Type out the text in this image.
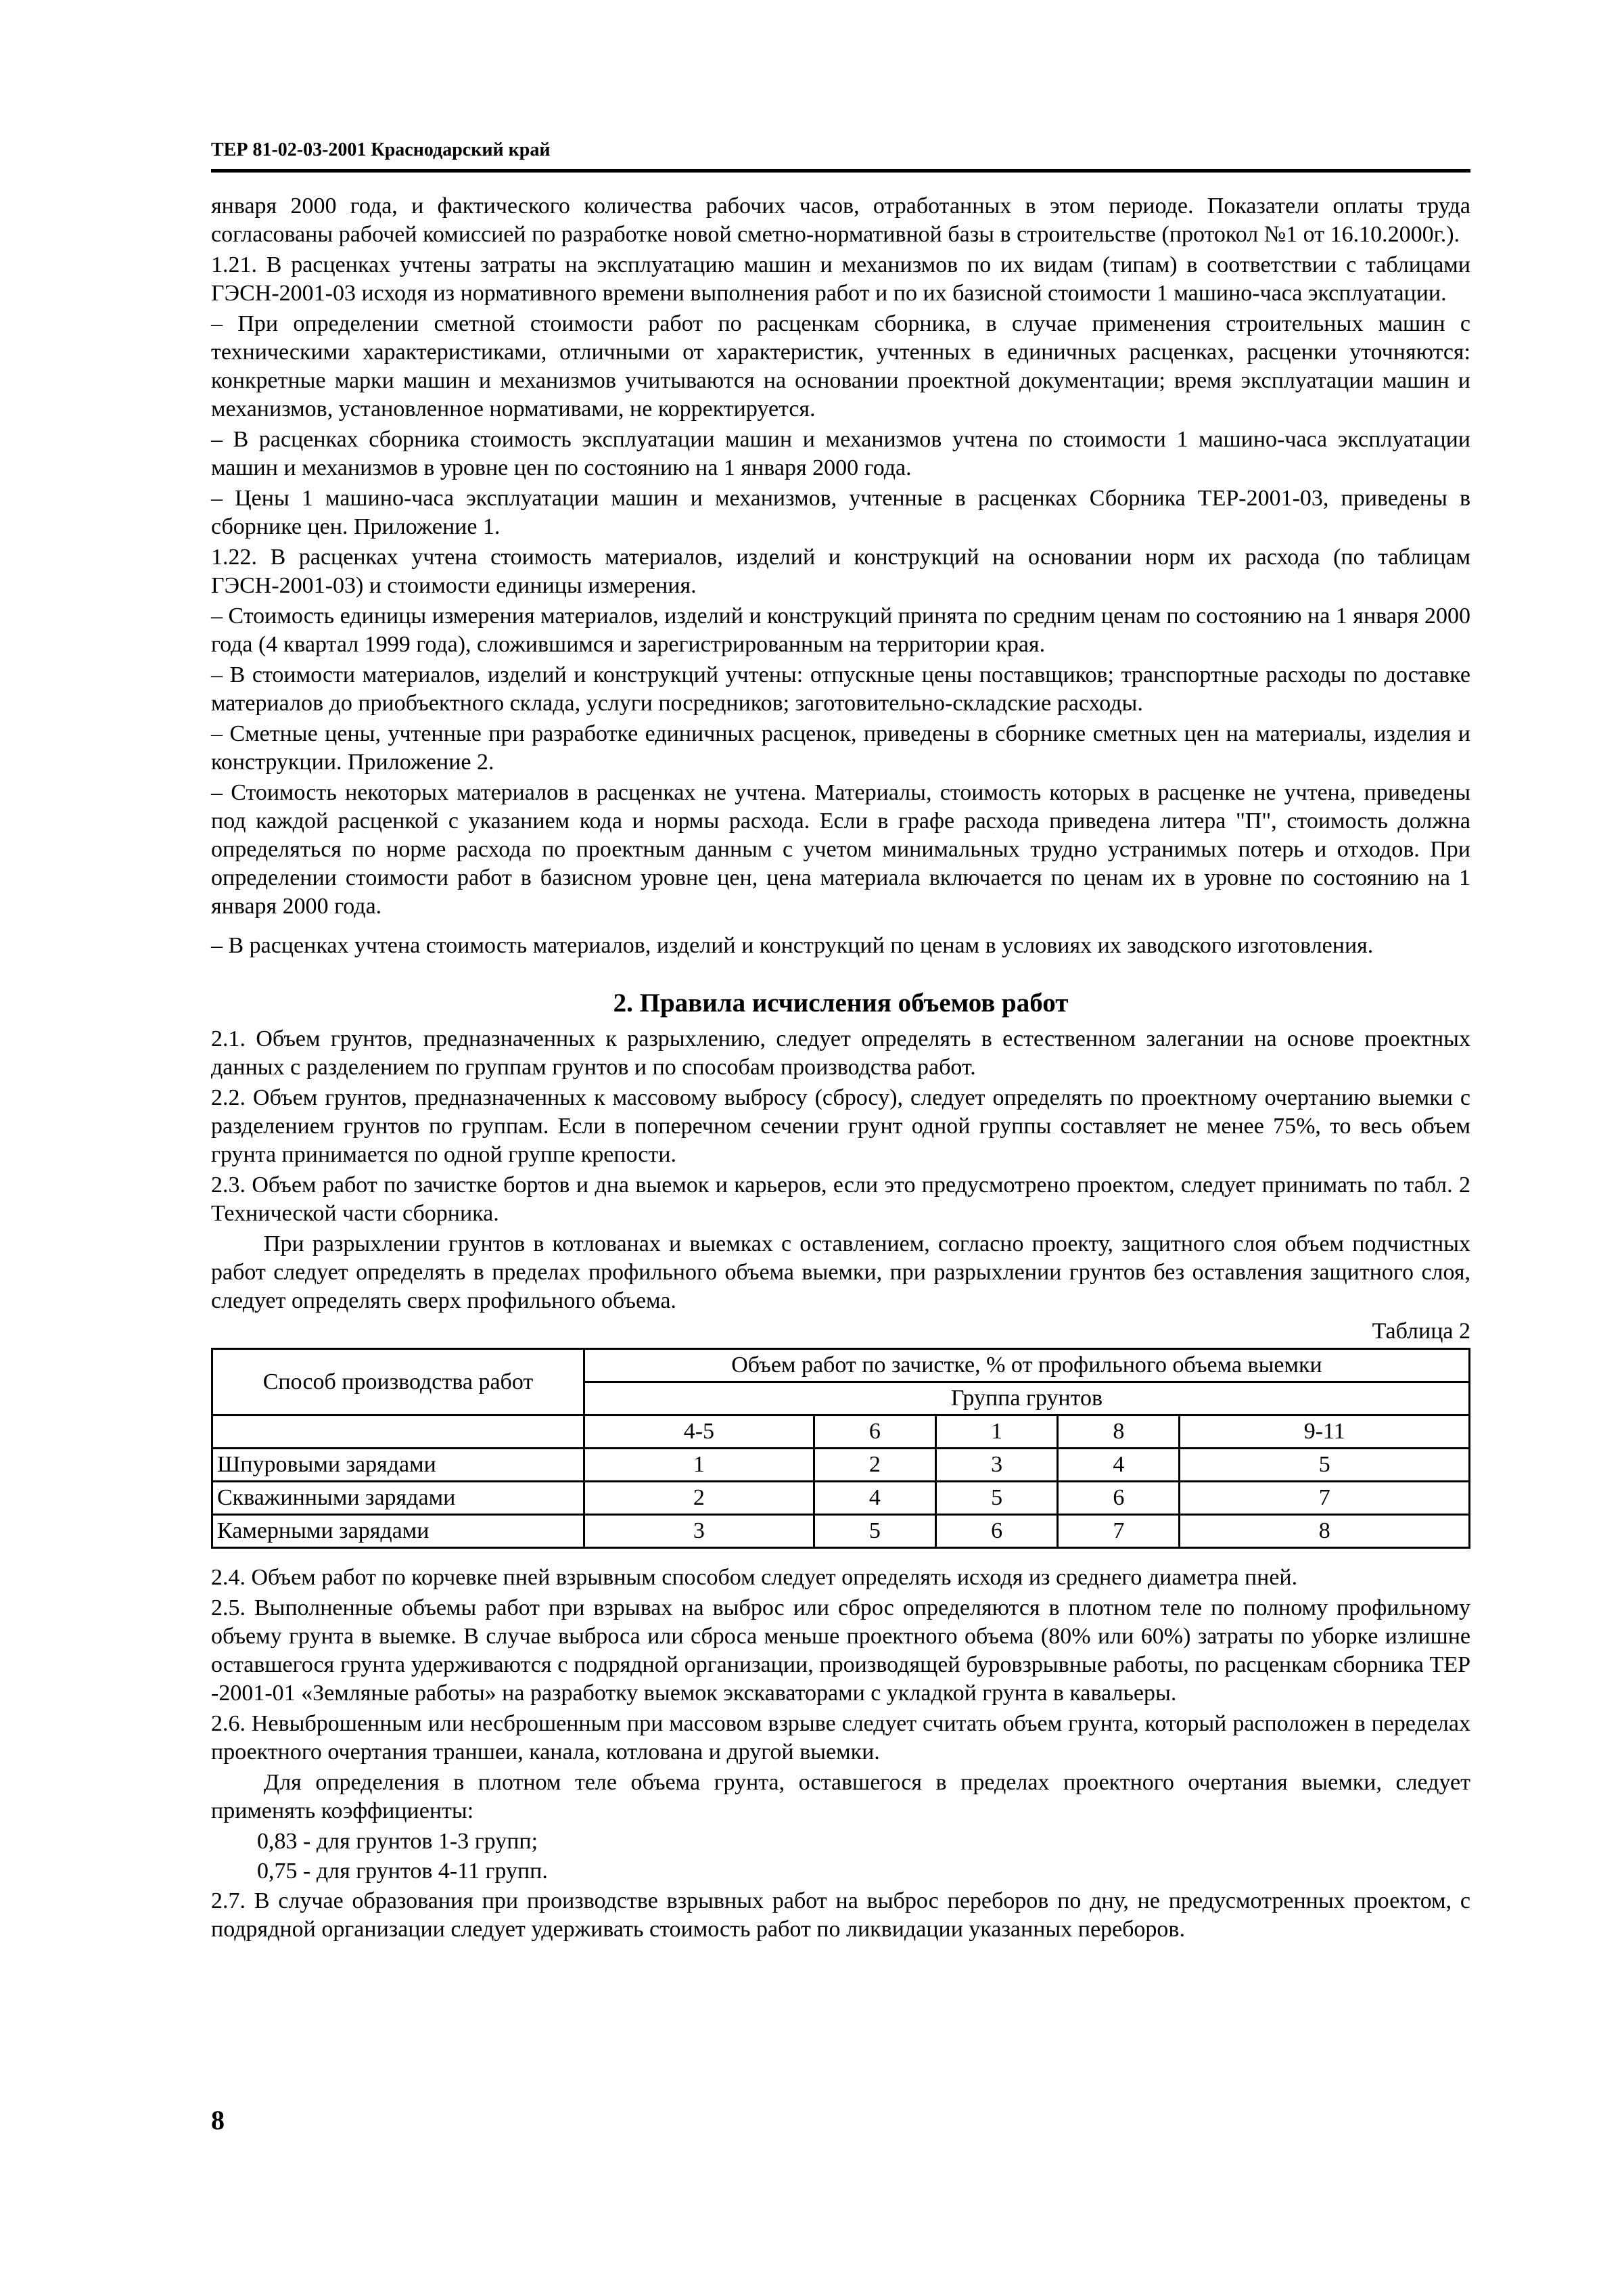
ТЕР 81-02-03-2001 Краснодарский край

января 2000 года, и фактического количества рабочих часов, отработанных в этом периоде. Показатели оплаты труда согласованы рабочей комиссией по разработке новой сметно-нормативной базы в строительстве (протокол №1 от 16.10.2000г.).

1.21. В расценках учтены затраты на эксплуатацию машин и механизмов по их видам (типам) в соответствии с таблицами ГЭСН-2001-03 исходя из нормативного времени выполнения работ и по их базисной стоимости 1 машино-часа эксплуатации.

– При определении сметной стоимости работ по расценкам сборника, в случае применения строительных машин с техническими характеристиками, отличными от характеристик, учтенных в единичных расценках, расценки уточняются: конкретные марки машин и механизмов учитываются на основании проектной документации; время эксплуатации машин и механизмов, установленное нормативами, не корректируется.

– В расценках сборника стоимость эксплуатации машин и механизмов учтена по стоимости 1 машино-часа эксплуатации машин и механизмов в уровне цен по состоянию на 1 января 2000 года.

– Цены 1 машино-часа эксплуатации машин и механизмов, учтенные в расценках Сборника ТЕР-2001-03, приведены в сборнике цен. Приложение 1.

1.22. В расценках учтена стоимость материалов, изделий и конструкций на основании норм их расхода (по таблицам ГЭСН-2001-03) и стоимости единицы измерения.

– Стоимость единицы измерения материалов, изделий и конструкций принята по средним ценам по состоянию на 1 января 2000 года (4 квартал 1999 года), сложившимся и зарегистрированным на территории края.

– В стоимости материалов, изделий и конструкций учтены: отпускные цены поставщиков; транспортные расходы по доставке материалов до приобъектного склада, услуги посредников; заготовительно-складские расходы.

– Сметные цены, учтенные при разработке единичных расценок, приведены в сборнике сметных цен на материалы, изделия и конструкции. Приложение 2.

– Стоимость некоторых материалов в расценках не учтена. Материалы, стоимость которых в расценке не учтена, приведены под каждой расценкой с указанием кода и нормы расхода. Если в графе расхода приведена литера "П", стоимость должна определяться по норме расхода по проектным данным с учетом минимальных трудно устранимых потерь и отходов. При определении стоимости работ в базисном уровне цен, цена материала включается по ценам их в уровне по состоянию на 1 января 2000 года.

– В расценках учтена стоимость материалов, изделий и конструкций по ценам в условиях их заводского изготовления.

2. Правила исчисления объемов работ

2.1. Объем грунтов, предназначенных к разрыхлению, следует определять в естественном залегании на основе проектных данных с разделением по группам грунтов и по способам производства работ.

2.2. Объем грунтов, предназначенных к массовому выбросу (сбросу), следует определять по проектному очертанию выемки с разделением грунтов по группам. Если в поперечном сечении грунт одной группы составляет не менее 75%, то весь объем грунта принимается по одной группе крепости.

2.3. Объем работ по зачистке бортов и дна выемок и карьеров, если это предусмотрено проектом, следует принимать по табл. 2 Технической части сборника.

При разрыхлении грунтов в котлованах и выемках с оставлением, согласно проекту, защитного слоя объем подчистных работ следует определять в пределах профильного объема выемки, при разрыхлении грунтов без оставления защитного слоя, следует определять сверх профильного объема.

Таблица 2

Способ производства работ	Объем работ по зачистке, % от профильного объема выемки				
	Группа грунтов				
	4-5	6	1	8	9-11
Шпуровыми зарядами	1	2	3	4	5
Скважинными зарядами	2	4	5	6	7
Камерными зарядами	3	5	6	7	8

2.4. Объем работ по корчевке пней взрывным способом следует определять исходя из среднего диаметра пней.

2.5. Выполненные объемы работ при взрывах на выброс или сброс определяются в плотном теле по полному профильному объему грунта в выемке. В случае выброса или сброса меньше проектного объема (80% или 60%) затраты по уборке излишне оставшегося грунта удерживаются с подрядной организации, производящей буровзрывные работы, по расценкам сборника ТЕР -2001-01 «Земляные работы» на разработку выемок экскаваторами с укладкой грунта в кавальеры.

2.6. Невыброшенным или несброшенным при массовом взрыве следует считать объем грунта, который расположен в переделах проектного очертания траншеи, канала, котлована и другой выемки.

Для определения в плотном теле объема грунта, оставшегося в пределах проектного очертания выемки, следует применять коэффициенты:

0,83 - для грунтов 1-3 групп;

0,75 - для грунтов 4-11 групп.

2.7. В случае образования при производстве взрывных работ на выброс переборов по дну, не предусмотренных проектом, с подрядной организации следует удерживать стоимость работ по ликвидации указанных переборов.

8
